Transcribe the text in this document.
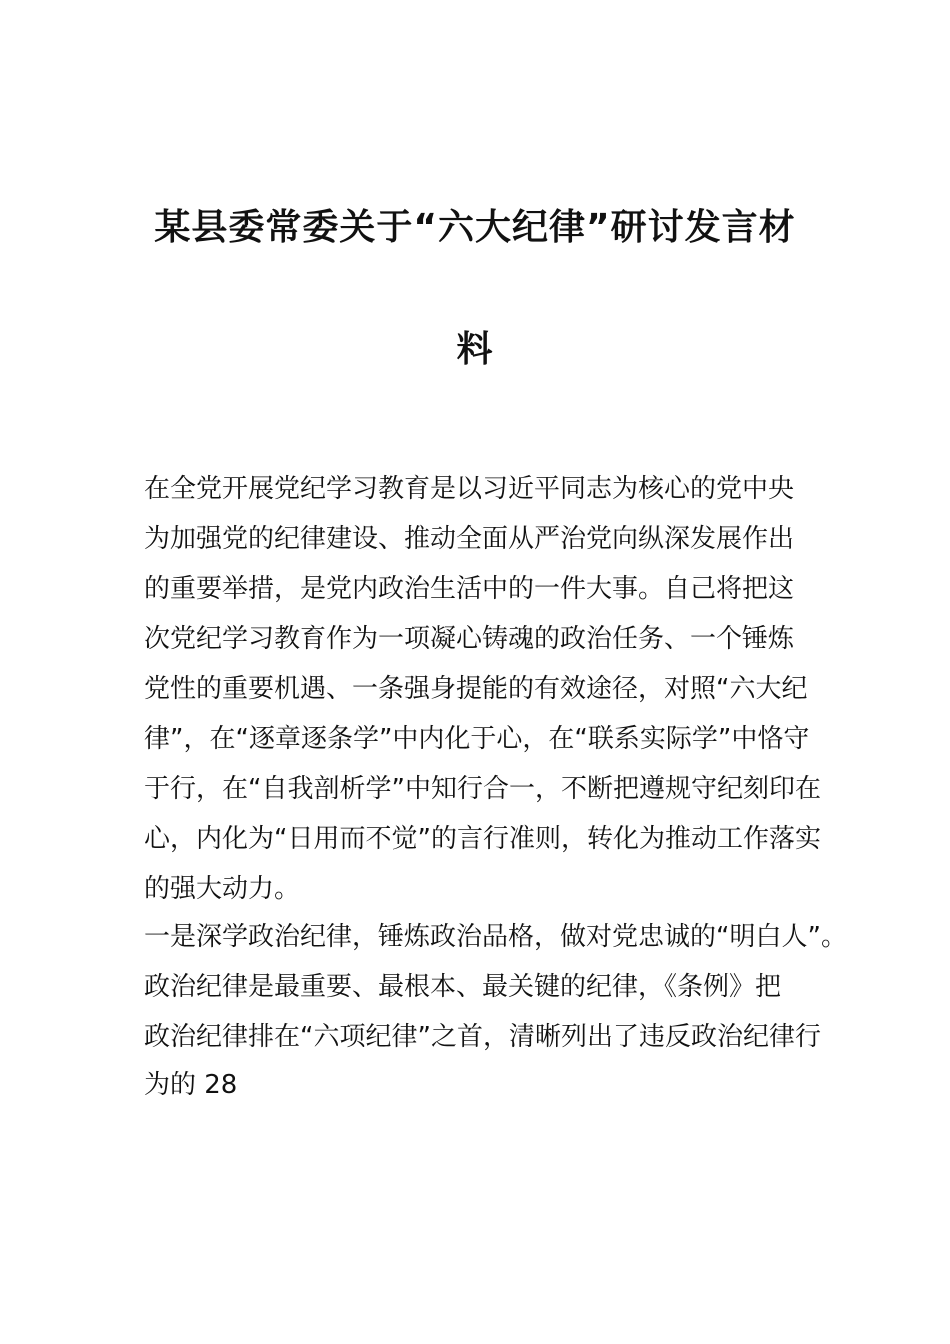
某县委常委关于“六大纪律”研讨发言材
料
在全党开展党纪学习教育是以习近平同志为核心的党中央
为加强党的纪律建设、推动全面从严治党向纵深发展作出
的重要举措，是党内政治生活中的一件大事。自己将把这
次党纪学习教育作为一项凝心铸魂的政治任务、一个锤炼
党性的重要机遇、一条强身提能的有效途径，对照“六大纪
律”，在“逐章逐条学”中内化于心，在“联系实际学”中恪守
于行，在“自我剖析学”中知行合一，不断把遵规守纪刻印在
心，内化为“日用而不觉”的言行准则，转化为推动工作落实
的强大动力。
一是深学政治纪律，锤炼政治品格，做对党忠诚的“明白人”。
政治纪律是最重要、最根本、最关键的纪律，《条例》把
政治纪律排在“六项纪律”之首，清晰列出了违反政治纪律行
为的 28
